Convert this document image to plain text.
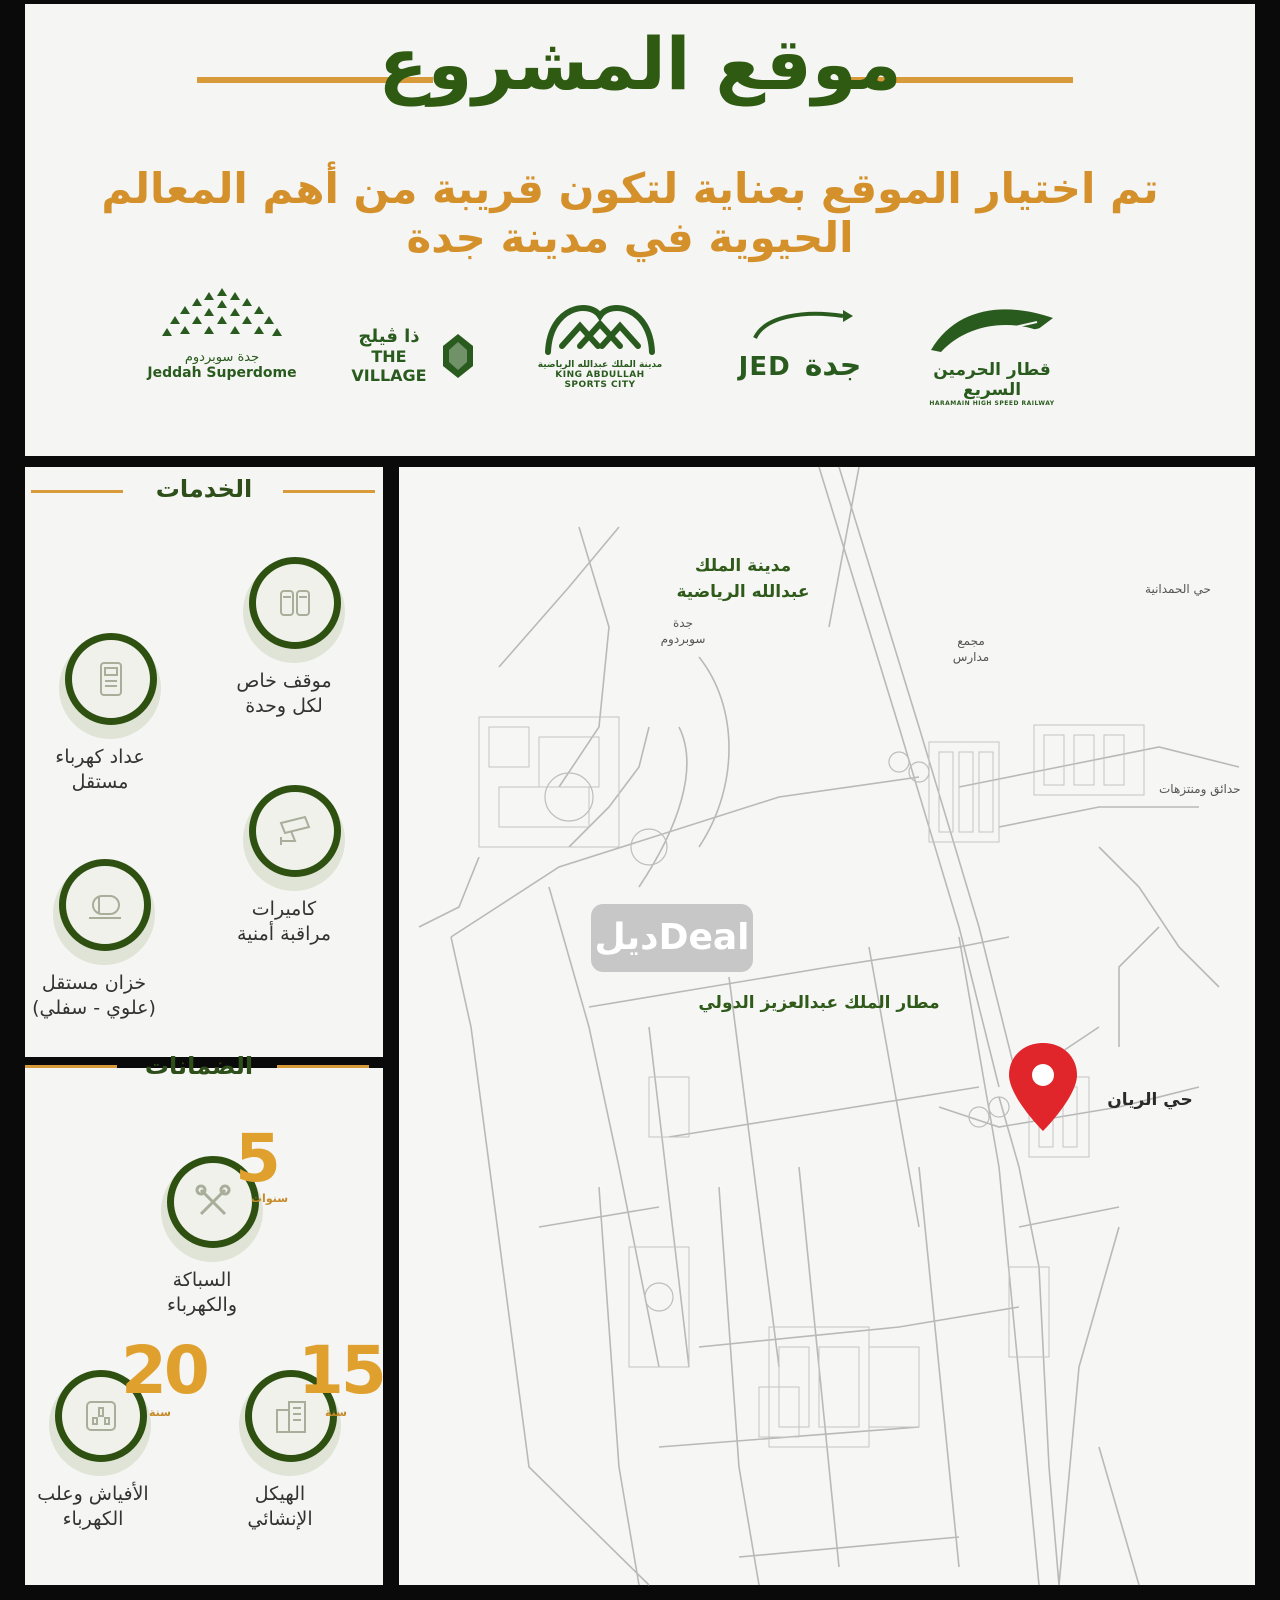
موقع المشروع
تم اختيار الموقع بعناية لتكون قريبة من أهم المعالم الحيوية في مدينة جدة
جدة سوبردوم
Jeddah Superdome
ذا ڤيلج
THE VILLAGE
مدينة الملك عبدالله الرياضية
KING ABDULLAH SPORTS CITY
JED جدة	قطار الحرمين السريع
HARAMAIN HIGH SPEED RAILWAY
الخدمات
موقف خاص لكل وحدة
عداد كهرباء مستقل
كاميرات مراقبة أمنية
خزان مستقل (علوي - سفلي)
الضمانات
السباكة والكهرباء
5
سنوات
الهيكل الإنشائي
15
سنة
الأفياش وعلب الكهرباء
20
سنة
مدينة الملك عبدالله الرياضية
جدة سوبردوم	مجمع مدارس
حي الحمدانية
حدائق ومنتزهات
مطار الملك عبدالعزيز الدولي
حي الريان
ديلDeal
